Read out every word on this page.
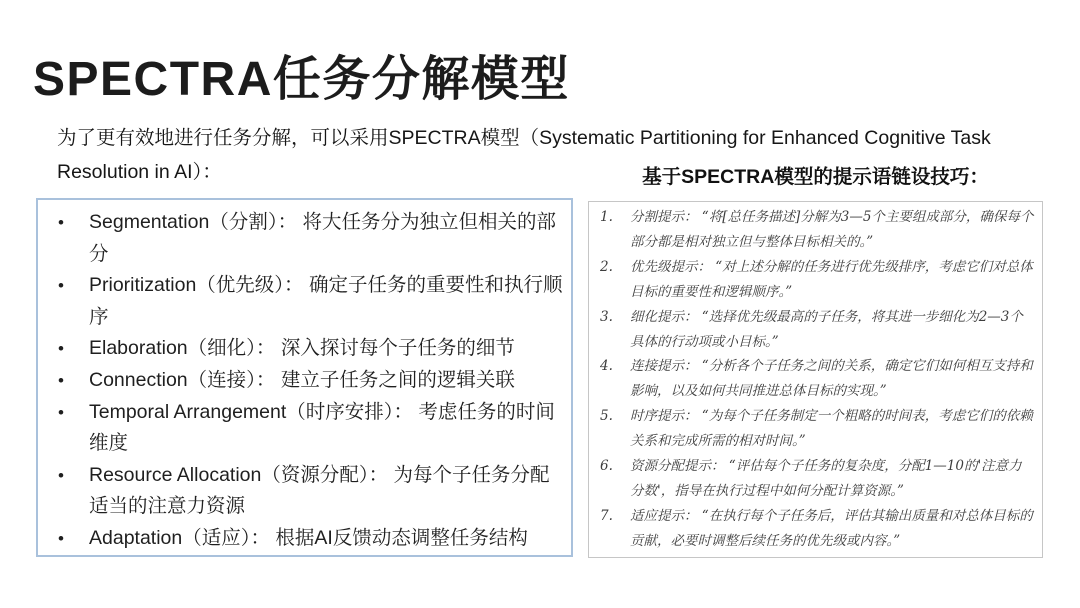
SPECTRA任务分解模型

为了更有效地进行任务分解，可以采用SPECTRA模型（Systematic Partitioning for Enhanced Cognitive Task Resolution in AI）：	基于SPECTRA模型的提示语链设技巧：
• Segmentation（分割）： 将大任务分为独立但相关的部分
• Prioritization（优先级）： 确定子任务的重要性和执行顺序
• Elaboration（细化）： 深入探讨每个子任务的细节
• Connection（连接）： 建立子任务之间的逻辑关联
• Temporal Arrangement（时序安排）： 考虑任务的时间维度
• Resource Allocation（资源分配）： 为每个子任务分配适当的注意力资源
• Adaptation（适应）： 根据AI反馈动态调整任务结构
1.	分割提示： “将[总任务描述]分解为3—5个主要组成部分，确保每个部分都是相对独立但与整体目标相关的。”
2.	优先级提示： “对上述分解的任务进行优先级排序，考虑它们对总体目标的重要性和逻辑顺序。”
3.	细化提示： “选择优先级最高的子任务，将其进一步细化为2—3个具体的行动项或小目标。”
4.	连接提示： “分析各个子任务之间的关系，确定它们如何相互支持和影响，以及如何共同推进总体目标的实现。”
5.	时序提示： “为每个子任务制定一个粗略的时间表，考虑它们的依赖关系和完成所需的相对时间。”
6.	资源分配提示： “评估每个子任务的复杂度，分配1—10的'注意力分数'，指导在执行过程中如何分配计算资源。”
7.	适应提示： “在执行每个子任务后，评估其输出质量和对总体目标的贡献，必要时调整后续任务的优先级或内容。”
